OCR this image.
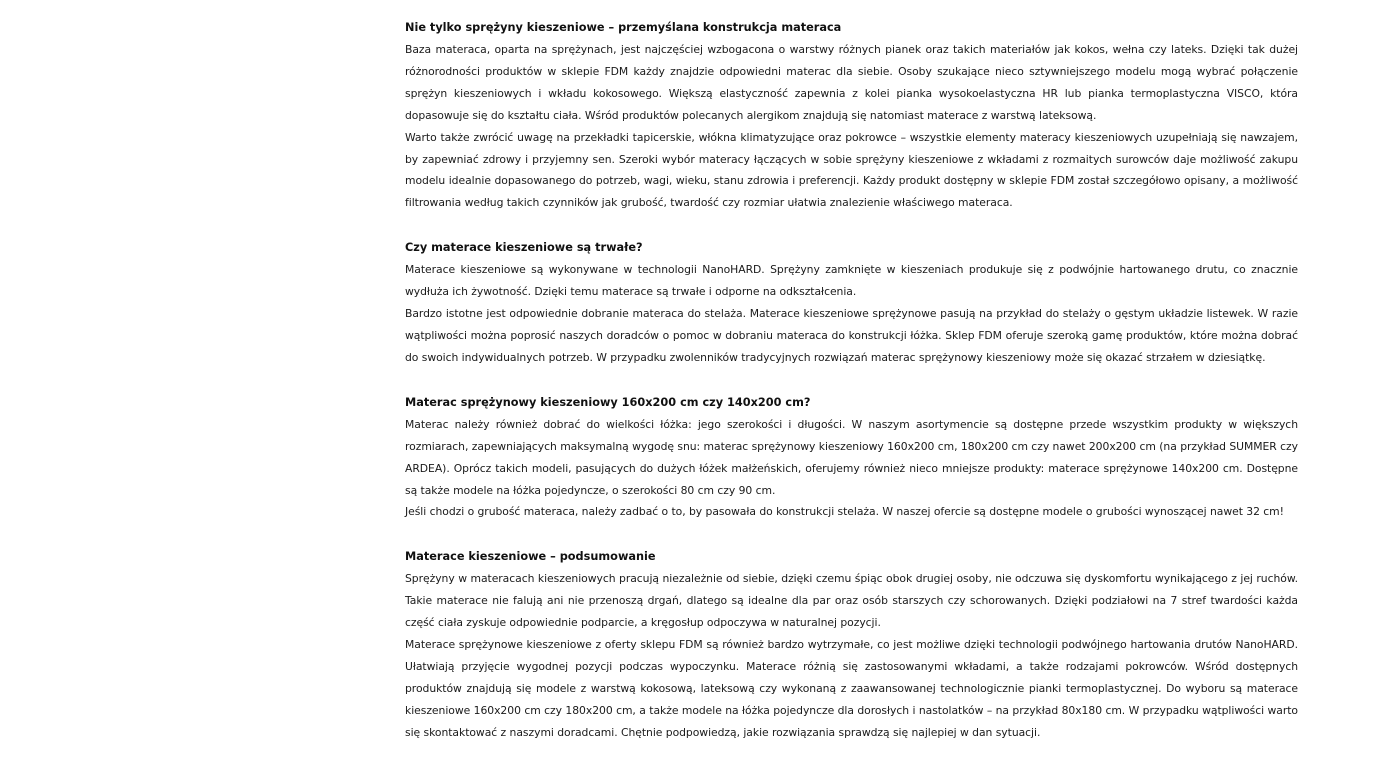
Nie tylko sprężyny kieszeniowe – przemyślana konstrukcja materaca

Baza materaca, oparta na sprężynach, jest najczęściej wzbogacona o warstwy różnych pianek oraz takich materiałów jak kokos, wełna czy lateks. Dzięki tak dużej różnorodności produktów w sklepie FDM każdy znajdzie odpowiedni materac dla siebie. Osoby szukające nieco sztywniejszego modelu mogą wybrać połączenie sprężyn kieszeniowych i wkładu kokosowego. Większą elastyczność zapewnia z kolei pianka wysokoelastyczna HR lub pianka termoplastyczna VISCO, która dopasowuje się do kształtu ciała. Wśród produktów polecanych alergikom znajdują się natomiast materace z warstwą lateksową.

Warto także zwrócić uwagę na przekładki tapicerskie, włókna klimatyzujące oraz pokrowce – wszystkie elementy materacy kieszeniowych uzupełniają się nawzajem, by zapewniać zdrowy i przyjemny sen. Szeroki wybór materacy łączących w sobie sprężyny kieszeniowe z wkładami z rozmaitych surowców daje możliwość zakupu modelu idealnie dopasowanego do potrzeb, wagi, wieku, stanu zdrowia i preferencji. Każdy produkt dostępny w sklepie FDM został szczegółowo opisany, a możliwość filtrowania według takich czynników jak grubość, twardość czy rozmiar ułatwia znalezienie właściwego materaca.

Czy materace kieszeniowe są trwałe?

Materace kieszeniowe są wykonywane w technologii NanoHARD. Sprężyny zamknięte w kieszeniach produkuje się z podwójnie hartowanego drutu, co znacznie wydłuża ich żywotność. Dzięki temu materace są trwałe i odporne na odkształcenia.

Bardzo istotne jest odpowiednie dobranie materaca do stelaża. Materace kieszeniowe sprężynowe pasują na przykład do stelaży o gęstym układzie listewek. W razie wątpliwości można poprosić naszych doradców o pomoc w dobraniu materaca do konstrukcji łóżka. Sklep FDM oferuje szeroką gamę produktów, które można dobrać do swoich indywidualnych potrzeb. W przypadku zwolenników tradycyjnych rozwiązań materac sprężynowy kieszeniowy może się okazać strzałem w dziesiątkę.

Materac sprężynowy kieszeniowy 160x200 cm czy 140x200 cm?

Materac należy również dobrać do wielkości łóżka: jego szerokości i długości. W naszym asortymencie są dostępne przede wszystkim produkty w większych rozmiarach, zapewniających maksymalną wygodę snu: materac sprężynowy kieszeniowy 160x200 cm, 180x200 cm czy nawet 200x200 cm (na przykład SUMMER czy ARDEA). Oprócz takich modeli, pasujących do dużych łóżek małżeńskich, oferujemy również nieco mniejsze produkty: materace sprężynowe 140x200 cm. Dostępne są także modele na łóżka pojedyncze, o szerokości 80 cm czy 90 cm.

Jeśli chodzi o grubość materaca, należy zadbać o to, by pasowała do konstrukcji stelaża. W naszej ofercie są dostępne modele o grubości wynoszącej nawet 32 cm!

Materace kieszeniowe – podsumowanie

Sprężyny w materacach kieszeniowych pracują niezależnie od siebie, dzięki czemu śpiąc obok drugiej osoby, nie odczuwa się dyskomfortu wynikającego z jej ruchów. Takie materace nie falują ani nie przenoszą drgań, dlatego są idealne dla par oraz osób starszych czy schorowanych. Dzięki podziałowi na 7 stref twardości każda część ciała zyskuje odpowiednie podparcie, a kręgosłup odpoczywa w naturalnej pozycji.

Materace sprężynowe kieszeniowe z oferty sklepu FDM są również bardzo wytrzymałe, co jest możliwe dzięki technologii podwójnego hartowania drutów NanoHARD. Ułatwiają przyjęcie wygodnej pozycji podczas wypoczynku. Materace różnią się zastosowanymi wkładami, a także rodzajami pokrowców. Wśród dostępnych produktów znajdują się modele z warstwą kokosową, lateksową czy wykonaną z zaawansowanej technologicznie pianki termoplastycznej. Do wyboru są materace kieszeniowe 160x200 cm czy 180x200 cm, a także modele na łóżka pojedyncze dla dorosłych i nastolatków – na przykład 80x180 cm. W przypadku wątpliwości warto się skontaktować z naszymi doradcami. Chętnie podpowiedzą, jakie rozwiązania sprawdzą się najlepiej w dan sytuacji.
